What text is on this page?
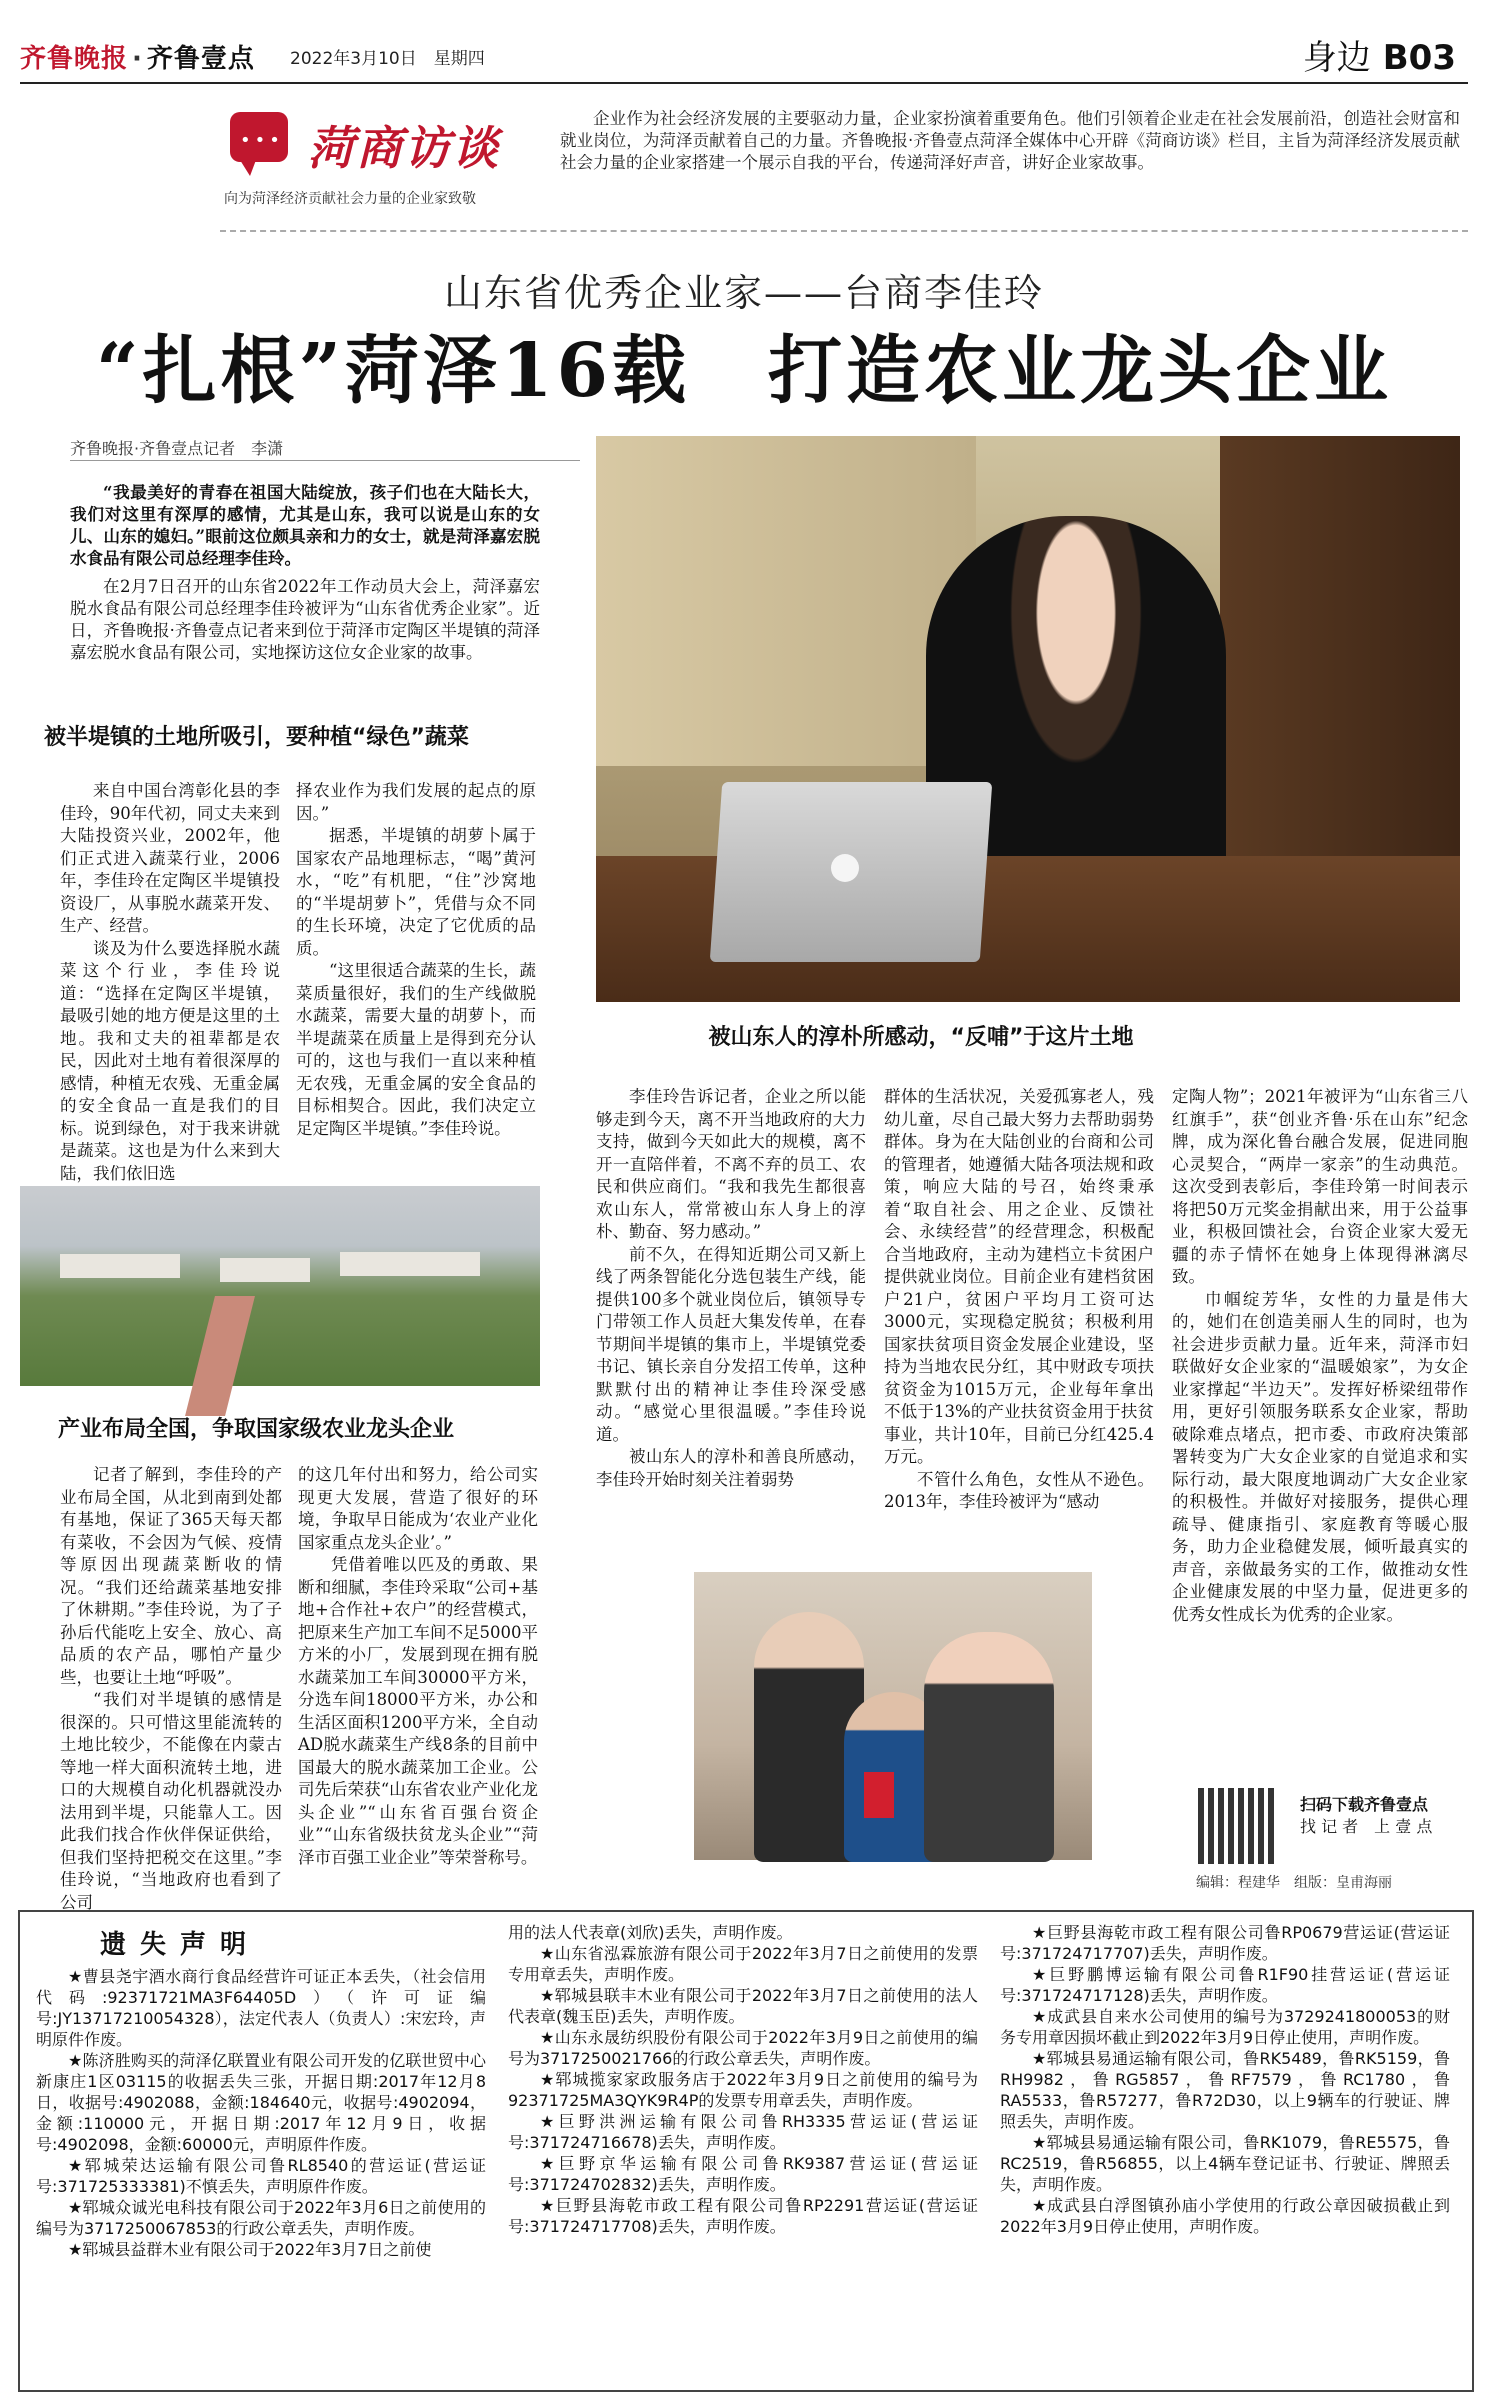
齐鲁晚报 · 齐鲁壹点 2022年3月10日　星期四	身边 B03
••• 菏商访谈
向为菏泽经济贡献社会力量的企业家致敬
企业作为社会经济发展的主要驱动力量，企业家扮演着重要角色。他们引领着企业走在社会发展前沿，创造社会财富和就业岗位，为菏泽贡献着自己的力量。齐鲁晚报·齐鲁壹点菏泽全媒体中心开辟《菏商访谈》栏目，主旨为菏泽经济发展贡献社会力量的企业家搭建一个展示自我的平台，传递菏泽好声音，讲好企业家故事。
山东省优秀企业家——台商李佳玲
“扎根”菏泽16载　打造农业龙头企业
齐鲁晚报·齐鲁壹点记者　李潇

“我最美好的青春在祖国大陆绽放，孩子们也在大陆长大，我们对这里有深厚的感情，尤其是山东，我可以说是山东的女儿、山东的媳妇。”眼前这位颇具亲和力的女士，就是菏泽嘉宏脱水食品有限公司总经理李佳玲。

在2月7日召开的山东省2022年工作动员大会上，菏泽嘉宏脱水食品有限公司总经理李佳玲被评为“山东省优秀企业家”。近日，齐鲁晚报·齐鲁壹点记者来到位于菏泽市定陶区半堤镇的菏泽嘉宏脱水食品有限公司，实地探访这位女企业家的故事。

被半堤镇的土地所吸引，要种植“绿色”蔬菜

来自中国台湾彰化县的李佳玲，90年代初，同丈夫来到大陆投资兴业，2002年，他们正式进入蔬菜行业，2006年，李佳玲在定陶区半堤镇投资设厂，从事脱水蔬菜开发、生产、经营。

谈及为什么要选择脱水蔬菜这个行业，李佳玲说道：“选择在定陶区半堤镇，最吸引她的地方便是这里的土地。我和丈夫的祖辈都是农民，因此对土地有着很深厚的感情，种植无农残、无重金属的安全食品一直是我们的目标。说到绿色，对于我来讲就是蔬菜。这也是为什么来到大陆，我们依旧选

择农业作为我们发展的起点的原因。”

据悉，半堤镇的胡萝卜属于国家农产品地理标志，“喝”黄河水，“吃”有机肥，“住”沙窝地的“半堤胡萝卜”，凭借与众不同的生长环境，决定了它优质的品质。

“这里很适合蔬菜的生长，蔬菜质量很好，我们的生产线做脱水蔬菜，需要大量的胡萝卜，而半堤蔬菜在质量上是得到充分认可的，这也与我们一直以来种植无农残，无重金属的安全食品的目标相契合。因此，我们决定立足定陶区半堤镇。”李佳玲说。

被山东人的淳朴所感动，“反哺”于这片土地
产业布局全国，争取国家级农业龙头企业

记者了解到，李佳玲的产业布局全国，从北到南到处都有基地，保证了365天每天都有菜收，不会因为气候、疫情等原因出现蔬菜断收的情况。“我们还给蔬菜基地安排了休耕期。”李佳玲说，为了子孙后代能吃上安全、放心、高品质的农产品，哪怕产量少些，也要让土地“呼吸”。

“我们对半堤镇的感情是很深的。只可惜这里能流转的土地比较少，不能像在内蒙古等地一样大面积流转土地，进口的大规模自动化机器就没办法用到半堤，只能靠人工。因此我们找合作伙伴保证供给，但我们坚持把税交在这里。”李佳玲说，“当地政府也看到了公司

的这几年付出和努力，给公司实现更大发展，营造了很好的环境，争取早日能成为‘农业产业化国家重点龙头企业’。”

凭借着唯以匹及的勇敢、果断和细腻，李佳玲采取“公司+基地+合作社+农户”的经营模式，把原来生产加工车间不足5000平方米的小厂，发展到现在拥有脱水蔬菜加工车间30000平方米，分选车间18000平方米，办公和生活区面积1200平方米，全自动AD脱水蔬菜生产线8条的目前中国最大的脱水蔬菜加工企业。公司先后荣获“山东省农业产业化龙头企业”“山东省百强台资企业”“山东省级扶贫龙头企业”“菏泽市百强工业企业”等荣誉称号。

李佳玲告诉记者，企业之所以能够走到今天，离不开当地政府的大力支持，做到今天如此大的规模，离不开一直陪伴着，不离不弃的员工、农民和供应商们。“我和我先生都很喜欢山东人，常常被山东人身上的淳朴、勤奋、努力感动。”

前不久，在得知近期公司又新上线了两条智能化分选包装生产线，能提供100多个就业岗位后，镇领导专门带领工作人员赶大集发传单，在春节期间半堤镇的集市上，半堤镇党委书记、镇长亲自分发招工传单，这种默默付出的精神让李佳玲深受感动。“感觉心里很温暖。”李佳玲说道。

被山东人的淳朴和善良所感动，李佳玲开始时刻关注着弱势

群体的生活状况，关爱孤寡老人，残幼儿童，尽自己最大努力去帮助弱势群体。身为在大陆创业的台商和公司的管理者，她遵循大陆各项法规和政策，响应大陆的号召，始终秉承着“取自社会、用之企业、反馈社会、永续经营”的经营理念，积极配合当地政府，主动为建档立卡贫困户提供就业岗位。目前企业有建档贫困户21户，贫困户平均月工资可达3000元，实现稳定脱贫；积极利用国家扶贫项目资金发展企业建设，坚持为当地农民分红，其中财政专项扶贫资金为1015万元，企业每年拿出不低于13%的产业扶贫资金用于扶贫事业，共计10年，目前已分红425.4万元。

不管什么角色，女性从不逊色。2013年，李佳玲被评为“感动

定陶人物”；2021年被评为“山东省三八红旗手”，获“创业齐鲁·乐在山东”纪念牌，成为深化鲁台融合发展，促进同胞心灵契合，“两岸一家亲”的生动典范。这次受到表彰后，李佳玲第一时间表示将把50万元奖金捐献出来，用于公益事业，积极回馈社会，台资企业家大爱无疆的赤子情怀在她身上体现得淋漓尽致。

巾帼绽芳华，女性的力量是伟大的，她们在创造美丽人生的同时，也为社会进步贡献力量。近年来，菏泽市妇联做好女企业家的“温暖娘家”，为女企业家撑起“半边天”。发挥好桥梁纽带作用，更好引领服务联系女企业家，帮助破除难点堵点，把市委、市政府决策部署转变为广大女企业家的自觉追求和实际行动，最大限度地调动广大女企业家的积极性。并做好对接服务，提供心理疏导、健康指引、家庭教育等暖心服务，助力企业稳健发展，倾听最真实的声音，亲做最务实的工作，做推动女性企业健康发展的中坚力量，促进更多的优秀女性成长为优秀的企业家。

扫码下载齐鲁壹点
找 记 者　上 壹 点
编辑：程建华　组版：皇甫海丽
遗失声明

★曹县尧宇酒水商行食品经营许可证正本丢失，（社会信用代码:92371721MA3F64405D）（许可证编号:JY13717210054328），法定代表人（负责人）:宋宏玲，声明原件作废。

★陈济胜购买的菏泽亿联置业有限公司开发的亿联世贸中心新康庄1区03115的收据丢失三张，开据日期:2017年12月8日，收据号:4902088，金额:184640元，收据号:4902094，金额:110000元，开据日期:2017年12月9日，收据号:4902098，金额:60000元，声明原件作废。

★郓城荣达运输有限公司鲁RL8540的营运证(营运证号:371725333381)不慎丢失，声明原件作废。

★郓城众诚光电科技有限公司于2022年3月6日之前使用的编号为3717250067853的行政公章丢失，声明作废。

★郓城县益群木业有限公司于2022年3月7日之前使

用的法人代表章(刘欣)丢失，声明作废。

★山东省泓霖旅游有限公司于2022年3月7日之前使用的发票专用章丢失，声明作废。

★郓城县联丰木业有限公司于2022年3月7日之前使用的法人代表章(魏玉臣)丢失，声明作废。

★山东永晟纺织股份有限公司于2022年3月9日之前使用的编号为3717250021766的行政公章丢失，声明作废。

★郓城揽家家政服务店于2022年3月9日之前使用的编号为92371725MA3QYK9R4P的发票专用章丢失，声明作废。

★巨野洪洲运输有限公司鲁RH3335营运证(营运证号:371724716678)丢失，声明作废。

★巨野京华运输有限公司鲁RK9387营运证(营运证号:371724702832)丢失，声明作废。

★巨野县海乾市政工程有限公司鲁RP2291营运证(营运证号:371724717708)丢失，声明作废。

★巨野县海乾市政工程有限公司鲁RP0679营运证(营运证号:371724717707)丢失，声明作废。

★巨野鹏博运输有限公司鲁R1F90挂营运证(营运证号:371724717128)丢失，声明作废。

★成武县自来水公司使用的编号为3729241800053的财务专用章因损坏截止到2022年3月9日停止使用，声明作废。

★郓城县易通运输有限公司，鲁RK5489，鲁RK5159，鲁RH9982，鲁RG5857，鲁RF7579，鲁RC1780，鲁RA5533，鲁R57277，鲁R72D30，以上9辆车的行驶证、牌照丢失，声明作废。

★郓城县易通运输有限公司，鲁RK1079，鲁RE5575，鲁RC2519，鲁R56855，以上4辆车登记证书、行驶证、牌照丢失，声明作废。

★成武县白浮图镇孙庙小学使用的行政公章因破损截止到2022年3月9日停止使用，声明作废。
